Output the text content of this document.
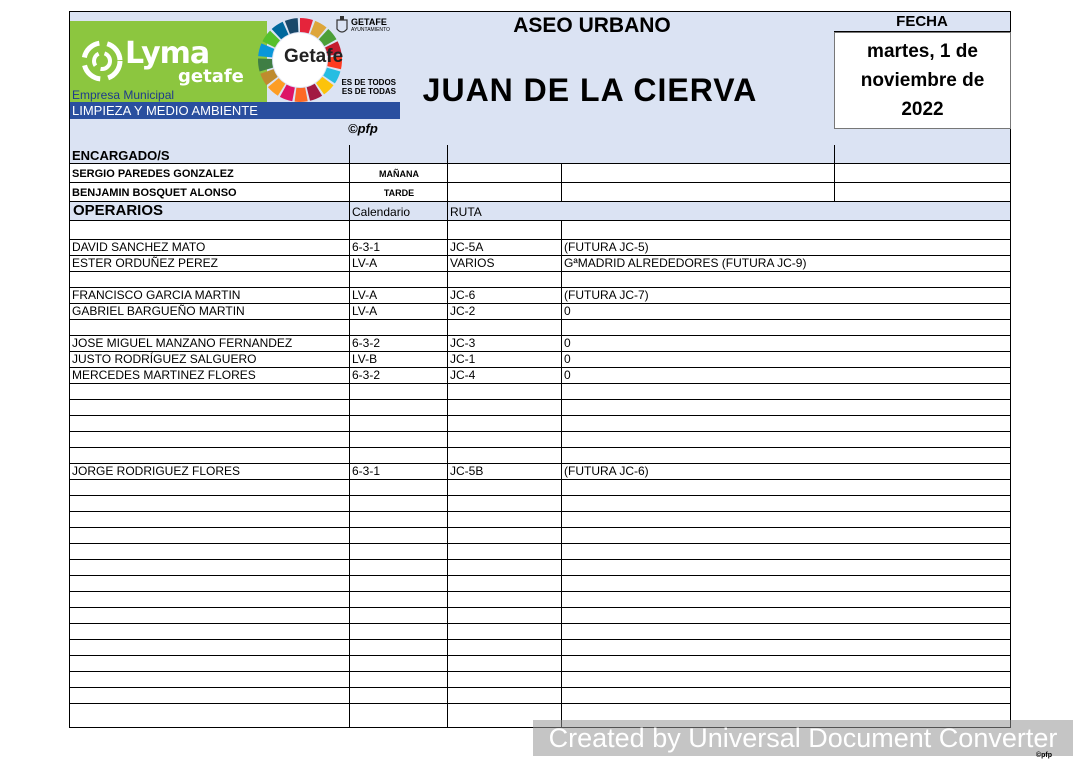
Lyma
getafe
Empresa Municipal
LIMPIEZA Y MEDIO AMBIENTE
Getafe
GETAFE
AYUNTAMIENTO
ES DE TODOS
ES DE TODAS
©pfp
ASEO URBANO
JUAN DE LA CIERVA
FECHA
martes, 1 de
noviembre de
2022
ENCARGADO/S
SERGIO PAREDES GONZALEZ	MAÑANA
BENJAMIN BOSQUET ALONSO	TARDE
OPERARIOS	Calendario	RUTA
DAVID SANCHEZ MATO	6-3-1	JC-5A	(FUTURA JC-5)
ESTER ORDUÑEZ PEREZ	LV-A	VARIOS	GªMADRID ALREDEDORES (FUTURA JC-9)
FRANCISCO GARCIA MARTIN	LV-A	JC-6	(FUTURA JC-7)
GABRIEL BARGUEÑO MARTIN	LV-A	JC-2	0
JOSE MIGUEL MANZANO FERNANDEZ	6-3-2	JC-3	0
JUSTO RODRÍGUEZ SALGUERO	LV-B	JC-1	0
MERCEDES MARTINEZ FLORES	6-3-2	JC-4	0
JORGE RODRIGUEZ FLORES	6-3-1	JC-5B	(FUTURA JC-6)
Created by Universal Document Converter
©pfp
